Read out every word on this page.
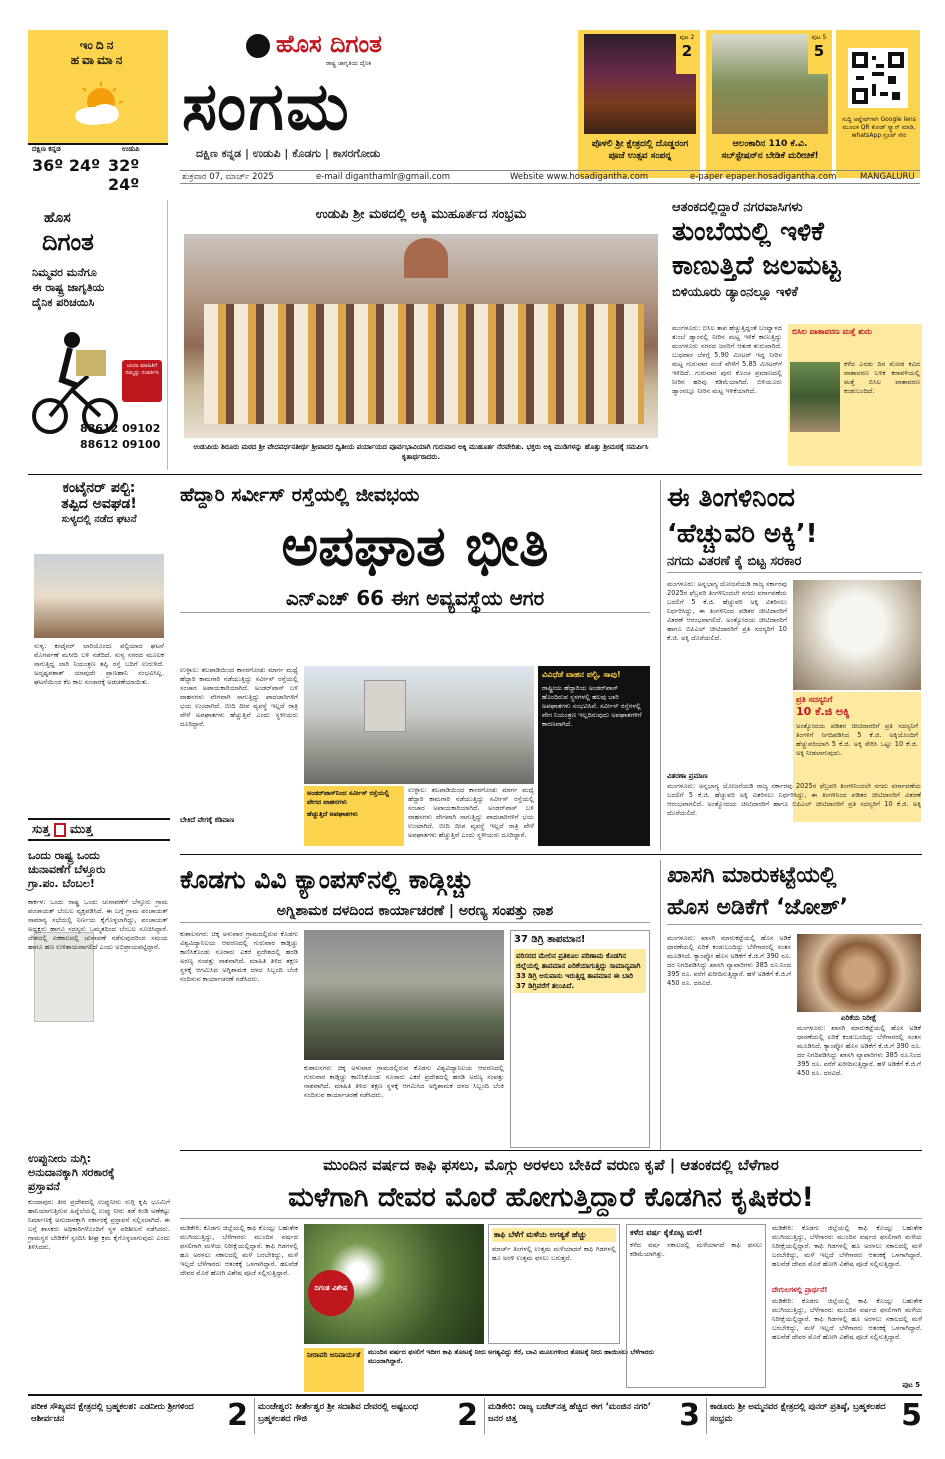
ಇಂದಿನ
ಹವಾಮಾನ
ದಕ್ಷಿಣ ಕನ್ನಡ	ಉಡುಪಿ
36º 24º 32º 24º
ಹೊಸ ದಿಗಂತ
ರಾಷ್ಟ್ರ ಜಾಗೃತಿಯ ದೈನಿಕ
ಸಂಗಮ
ದಕ್ಷಿಣ ಕನ್ನಡ | ಉಡುಪಿ | ಕೊಡಗು | ಕಾಸರಗೋಡು
ಪುಟ 2
2
ಪೊಳಲಿ ಶ್ರೀ ಕ್ಷೇತ್ರದಲ್ಲಿ ದೊಡ್ಡರಂಗ ಪೂಜೆ ಉತ್ಸವ ಸಂಪನ್ನ
ಪುಟ 5
5
ಆಲಂಕಾರಿನ 110 ಕೆ.ವಿ. ಸಬ್‌ಸ್ಟೇಷನ್‌ನ ಬೇಡಿಕೆ ಮರೀಚಿಕೆ!
ಸುದ್ದಿ ಅಪ್ಡೇಟ್‌ಗಾಗಿ Google lens ಮೂಲಕ QR ಕೋಡ್ ಸ್ಕ್ಯಾನ್ ಮಾಡಿ, whatsApp ಗ್ರೂಪ್ ಸೇರಿ
ಶುಕ್ರವಾರ 07, ಮಾರ್ಚ್ 2025	e-mail diganthamlr@gmail.com	Website www.hosadigantha.com	e-paper epaper.hosadigantha.com	MANGALURU
ಹೊಸ
ದಿಗಂತ
ನಿಮ್ಮವರ ಮನೆಗೂ
ಈ ರಾಷ್ಟ್ರ ಜಾಗೃತಿಯ
ದೈನಿಕ ಪರಿಚಯಿಸಿ
ಚಂದಾ ಮಾಹಿತಿಗೆ ನಮ್ಮನ್ನು ಸಂಪರ್ಕಿಸಿ
88612 09102
88612 09100
ಉಡುಪಿ ಶ್ರೀ ಮಠದಲ್ಲಿ ಅಕ್ಕಿ ಮುಹೂರ್ತದ ಸಂಭ್ರಮ
ಉಡುಪಿಯ ಶಿರೂರು ಮಠದ ಶ್ರೀ ವೇದವರ್ಧನತೀರ್ಥ ಶ್ರೀಪಾದರ ದ್ವಿತೀಯ ಪರ್ಯಾಯದ ಪೂರ್ವಭಾವಿಯಾಗಿ ಗುರುವಾರ ಅಕ್ಕಿ ಮುಹೂರ್ತ ನೆರವೇರಿತು. ಭಕ್ತರು ಅಕ್ಕಿ ಮುಡಿಗಳನ್ನು ಹೊತ್ತು ಶ್ರೀಮಠಕ್ಕೆ ಸಮರ್ಪಿಸಿ ಕೃತಾರ್ಥರಾದರು.
ಆತಂಕದಲ್ಲಿದ್ದಾರೆ ನಗರವಾಸಿಗಳು
ತುಂಬೆಯಲ್ಲಿ ಇಳಿಕೆ
ಕಾಣುತ್ತಿದೆ ಜಲಮಟ್ಟ
ಬಿಳಿಯೂರು ಡ್ಯಾಂನಲ್ಲೂ ಇಳಿಕೆ
ಮಂಗಳೂರು: ಬಿಸಿಲ ತಾಪ ಹೆಚ್ಚುತ್ತಿದ್ದಂತೆ ಬಂಟ್ವಾಳದ ತುಂಬೆ ಡ್ಯಾಂನಲ್ಲಿ ನೀರಿನ ಮಟ್ಟ ಇಳಿಕೆ ಕಾಣುತ್ತಿದ್ದು ಮಂಗಳೂರು ನಗರದ ಜನರಿಗೆ ಆತಂಕ ಶುರುವಾಗಿದೆ. ಬುಧವಾರ ಬೆಳಗ್ಗೆ 5.90 ಮೀಟರ್ ಇದ್ದ ನೀರಿನ ಮಟ್ಟ ಗುರುವಾರ ಸಂಜೆ ವೇಳೆಗೆ 5.85 ಮೀಟರ್‌ಗೆ ಇಳಿದಿದೆ. ಗುರುವಾರ ಪುನಃ ಕೊಂಚ ಪ್ರಮಾಣದಲ್ಲಿ ನೀರಿನ ಹರಿವು ಕಡಿಮೆಯಾಗಿದೆ. ಬಿಳಿಯೂರು ಡ್ಯಾಂನಲ್ಲೂ ನೀರಿನ ಮಟ್ಟ ಇಳಿಕೆಯಾಗಿದೆ.
ಬಿಸಿಲ ವಾತಾವರಣ ಮತ್ತೆ ಶುರು
ಕಳೆದ ಎರಡು ದಿನ ಮೋಡ ಕವಿದ ವಾತಾವರಣ ಬಳಿಕ ಕರಾವಳಿಯಲ್ಲಿ ಮತ್ತೆ ಬಿಸಿಲ ವಾತಾವರಣ ಕಂಡುಬಂದಿದೆ.
ಕಂಟೈನರ್ ಪಲ್ಟಿ:
ತಪ್ಪಿದ ಅವಘಡ!
ಸುಳ್ಯದಲ್ಲಿ ನಡೆದ ಘಟನೆ
ಸುಳ್ಯ: ಕಂಟೈನರ್ ಲಾರಿಯೊಂದು ಪಲ್ಟಿಯಾದ ಘಟನೆ ಮೊಗರ್ಪಣೆ ಮಸೀದಿ ಬಳಿ ನಡೆದಿದೆ. ಸುಳ್ಯ ನಗರದ ಮೂಲಕ ಸಾಗುತ್ತಿದ್ದ ಲಾರಿ ನಿಯಂತ್ರಣ ತಪ್ಪಿ ರಸ್ತೆ ಬದಿಗೆ ಉರುಳಿದೆ. ಅದೃಷ್ಟವಶಾತ್ ಯಾವುದೇ ಪ್ರಾಣಹಾನಿ ಸಂಭವಿಸಿಲ್ಲ. ಘಟನೆಯಿಂದ ಕೆಲ ಕಾಲ ಸಂಚಾರಕ್ಕೆ ಅಡಚಣೆಯಾಯಿತು.
ಸುತ್ತ ಮುತ್ತ
ಒಂದು ರಾಷ್ಟ್ರ ಒಂದು
ಚುನಾವಣೆಗೆ ಬೆಳ್ತೂರು
ಗ್ರಾ.ಪಂ. ಬೆಂಬಲ!
ಕಾರ್ಕಳ: ಒಂದು ರಾಷ್ಟ್ರ ಒಂದು ಚುನಾವಣೆಗೆ ಬೆಳ್ತೂರು ಗ್ರಾಮ ಪಂಚಾಯತ್ ಬೆಂಬಲ ವ್ಯಕ್ತಪಡಿಸಿದೆ. ಈ ಬಗ್ಗೆ ಗ್ರಾಮ ಪಂಚಾಯತ್ ಸಾಮಾನ್ಯ ಸಭೆಯಲ್ಲಿ ನಿರ್ಣಯ ಕೈಗೊಳ್ಳಲಾಗಿದ್ದು, ಪಂಚಾಯತ್ ಅಧ್ಯಕ್ಷರು ಹಾಗೂ ಸದಸ್ಯರು ಒಮ್ಮತದಿಂದ ಬೆಂಬಲ ಸೂಚಿಸಿದ್ದಾರೆ. ದೇಶದಲ್ಲಿ ಏಕಕಾಲದಲ್ಲಿ ಚುನಾವಣೆ ನಡೆಸುವುದರಿಂದ ಸಮಯ ಹಾಗೂ ಹಣ ಉಳಿತಾಯವಾಗಲಿದೆ ಎಂದು ಅಭಿಪ್ರಾಯಪಟ್ಟಿದ್ದಾರೆ.
ಹೆದ್ದಾರಿ ಸರ್ವೀಸ್ ರಸ್ತೆಯಲ್ಲಿ ಜೀವಭಯ
ಅಪಘಾತ ಭೀತಿ
ಎನ್‌ಎಚ್ 66 ಈಗ ಅವ್ಯವಸ್ಥೆಯ ಆಗರ
ಉಳ್ಳಾಲ: ತಲಪಾಡಿಯಿಂದ ಕಾಸರಗೋಡು ಮಾರ್ಗ ಮಧ್ಯೆ ಹೆದ್ದಾರಿ ಕಾಮಗಾರಿ ನಡೆಯುತ್ತಿದ್ದು ಸರ್ವೀಸ್ ರಸ್ತೆಯಲ್ಲಿ ಸಂಚಾರ ಅಪಾಯಕಾರಿಯಾಗಿದೆ. ಅಂಡರ್‌ಪಾಸ್ ಬಳಿ ವಾಹನಗಳು ವೇಗವಾಗಿ ಸಾಗುತ್ತಿದ್ದು ಪಾದಚಾರಿಗಳಿಗೆ ಭಯ ಉಂಟಾಗಿದೆ. ಬೀದಿ ದೀಪ ವ್ಯವಸ್ಥೆ ಇಲ್ಲದೆ ರಾತ್ರಿ ವೇಳೆ ಅಪಘಾತಗಳು ಹೆಚ್ಚುತ್ತಿವೆ ಎಂದು ಸ್ಥಳೀಯರು ದೂರಿದ್ದಾರೆ.
ಬೇಕಿದೆ ವೇಗಕ್ಕೆ ಕಡಿವಾಣ
ಅಂಡರ್‌ಪಾಸ್‌ನಿಂದ ಸರ್ವೀಸ್ ರಸ್ತೆಯಲ್ಲಿ ವೇಗದ ವಾಹನಗಳು
ಹೆಚ್ಚುತ್ತಿದೆ ಅಪಘಾತಗಳು
ಉಳ್ಳಾಲ: ತಲಪಾಡಿಯಿಂದ ಕಾಸರಗೋಡು ಮಾರ್ಗ ಮಧ್ಯೆ ಹೆದ್ದಾರಿ ಕಾಮಗಾರಿ ನಡೆಯುತ್ತಿದ್ದು ಸರ್ವೀಸ್ ರಸ್ತೆಯಲ್ಲಿ ಸಂಚಾರ ಅಪಾಯಕಾರಿಯಾಗಿದೆ. ಅಂಡರ್‌ಪಾಸ್ ಬಳಿ ವಾಹನಗಳು ವೇಗವಾಗಿ ಸಾಗುತ್ತಿದ್ದು ಪಾದಚಾರಿಗಳಿಗೆ ಭಯ ಉಂಟಾಗಿದೆ. ಬೀದಿ ದೀಪ ವ್ಯವಸ್ಥೆ ಇಲ್ಲದೆ ರಾತ್ರಿ ವೇಳೆ ಅಪಘಾತಗಳು ಹೆಚ್ಚುತ್ತಿವೆ ಎಂದು ಸ್ಥಳೀಯರು ದೂರಿದ್ದಾರೆ.
ವಿವಿಧೆಡೆ ವಾಹನ ಪಲ್ಟಿ, ಸಾವು!
ರಾಷ್ಟ್ರೀಯ ಹೆದ್ದಾರಿಯ ಅಂಡರ್‌ಪಾಸ್ ಹೊಂದಿರುವ ಸ್ಥಳಗಳಲ್ಲಿ ಹಲವು ಬಾರಿ ಅಪಘಾತಗಳು ಸಂಭವಿಸಿವೆ. ಸರ್ವೀಸ್ ರಸ್ತೆಗಳಲ್ಲಿ ವೇಗ ನಿಯಂತ್ರಣ ಇಲ್ಲದಿರುವುದು ಅಪಘಾತಗಳಿಗೆ ಕಾರಣವಾಗಿದೆ.
ಈ ತಿಂಗಳಿನಿಂದ
‘ಹೆಚ್ಚುವರಿ ಅಕ್ಕಿ’!
ನಗದು ವಿತರಣೆ ಕೈ ಬಿಟ್ಟ ಸರಕಾರ
ಮಂಗಳೂರು: ಅನ್ನಭಾಗ್ಯ ಯೋಜನೆಯಡಿ ರಾಜ್ಯ ಸರ್ಕಾರವು 2025ರ ಫೆಬ್ರವರಿ ತಿಂಗಳಿನಿಂದಲೇ ನಗದು ವರ್ಗಾವಣೆಯ ಬದಲಿಗೆ 5 ಕೆ.ಜಿ. ಹೆಚ್ಚುವರಿ ಅಕ್ಕಿ ವಿತರಿಸಲು ನಿರ್ಧರಿಸಿದ್ದು, ಈ ತಿಂಗಳಿನಿಂದ ಪಡಿತರ ಚೀಟಿದಾರರಿಗೆ ವಿತರಣೆ ಆರಂಭವಾಗಲಿದೆ. ಅಂತ್ಯೋದಯ ಚೀಟಿದಾರರಿಗೆ ಹಾಗೂ ಬಿಪಿಎಲ್ ಚೀಟಿದಾರರಿಗೆ ಪ್ರತಿ ಸದಸ್ಯರಿಗೆ 10 ಕೆ.ಜಿ. ಅಕ್ಕಿ ದೊರೆಯಲಿದೆ.
ವಿತರಣಾ ಪ್ರಮಾಣ
ಪ್ರತಿ ಸದಸ್ಯನಿಗೆ
10 ಕೆ.ಜಿ ಅಕ್ಕಿ
ಅಂತ್ಯೋದಯ ಪಡಿತರ ಚೀಟಿದಾರರಿಗೆ ಪ್ರತಿ ಸದಸ್ಯನಿಗೆ ತಿಂಗಳಿಗೆ ನಿಗದಿಪಡಿಸಿದ 5 ಕೆ.ಜಿ. ಅಕ್ಕಿಯೊಂದಿಗೆ ಹೆಚ್ಚುವರಿಯಾಗಿ 5 ಕೆ.ಜಿ. ಅಕ್ಕಿ ಸೇರಿಸಿ ಒಟ್ಟು 10 ಕೆ.ಜಿ. ಅಕ್ಕಿ ನೀಡಲಾಗುವುದು.
ಮಂಗಳೂರು: ಅನ್ನಭಾಗ್ಯ ಯೋಜನೆಯಡಿ ರಾಜ್ಯ ಸರ್ಕಾರವು 2025ರ ಫೆಬ್ರವರಿ ತಿಂಗಳಿನಿಂದಲೇ ನಗದು ವರ್ಗಾವಣೆಯ ಬದಲಿಗೆ 5 ಕೆ.ಜಿ. ಹೆಚ್ಚುವರಿ ಅಕ್ಕಿ ವಿತರಿಸಲು ನಿರ್ಧರಿಸಿದ್ದು, ಈ ತಿಂಗಳಿನಿಂದ ಪಡಿತರ ಚೀಟಿದಾರರಿಗೆ ವಿತರಣೆ ಆರಂಭವಾಗಲಿದೆ. ಅಂತ್ಯೋದಯ ಚೀಟಿದಾರರಿಗೆ ಹಾಗೂ ಬಿಪಿಎಲ್ ಚೀಟಿದಾರರಿಗೆ ಪ್ರತಿ ಸದಸ್ಯರಿಗೆ 10 ಕೆ.ಜಿ. ಅಕ್ಕಿ ದೊರೆಯಲಿದೆ.
ಕೊಡಗು ವಿವಿ ಕ್ಯಾಂಪಸ್‌ನಲ್ಲಿ ಕಾಡ್ಗಿಚ್ಚು
ಅಗ್ನಿಶಾಮಕ ದಳದಿಂದ ಕಾರ್ಯಾಚರಣೆ | ಅರಣ್ಯ ಸಂಪತ್ತು ನಾಶ
ಕುಶಾಲನಗರ: ಚಿಕ್ಕ ಅಳುವಾರ ಗ್ರಾಮದಲ್ಲಿರುವ ಕೊಡಗು ವಿಶ್ವವಿದ್ಯಾನಿಲಯ ಆವರಣದಲ್ಲಿ ಗುರುವಾರ ಕಾಡ್ಗಿಚ್ಚು ಕಾಣಿಸಿಕೊಂಡು ನೂರಾರು ಎಕರೆ ಪ್ರದೇಶದಲ್ಲಿ ಹರಡಿ ಅರಣ್ಯ ಸಂಪತ್ತು ನಾಶವಾಗಿದೆ. ಮಾಹಿತಿ ತಿಳಿದ ತಕ್ಷಣ ಸ್ಥಳಕ್ಕೆ ಆಗಮಿಸಿದ ಅಗ್ನಿಶಾಮಕ ದಳದ ಸಿಬ್ಬಂದಿ ಬೆಂಕಿ ನಂದಿಸುವ ಕಾರ್ಯಾಚರಣೆ ನಡೆಸಿದರು.
ಕುಶಾಲನಗರ: ಚಿಕ್ಕ ಅಳುವಾರ ಗ್ರಾಮದಲ್ಲಿರುವ ಕೊಡಗು ವಿಶ್ವವಿದ್ಯಾನಿಲಯ ಆವರಣದಲ್ಲಿ ಗುರುವಾರ ಕಾಡ್ಗಿಚ್ಚು ಕಾಣಿಸಿಕೊಂಡು ನೂರಾರು ಎಕರೆ ಪ್ರದೇಶದಲ್ಲಿ ಹರಡಿ ಅರಣ್ಯ ಸಂಪತ್ತು ನಾಶವಾಗಿದೆ. ಮಾಹಿತಿ ತಿಳಿದ ತಕ್ಷಣ ಸ್ಥಳಕ್ಕೆ ಆಗಮಿಸಿದ ಅಗ್ನಿಶಾಮಕ ದಳದ ಸಿಬ್ಬಂದಿ ಬೆಂಕಿ ನಂದಿಸುವ ಕಾರ್ಯಾಚರಣೆ ನಡೆಸಿದರು.
37 ಡಿಗ್ರಿ ತಾಪಮಾನ!
ಪರಿಸರದ ಮೇಲಿನ ಪ್ರತಿಕೂಲ ಪರಿಣಾಮ ಕೊಡಗಿನ ಜಿಲ್ಲೆಯಲ್ಲಿ ತಾಪಮಾನ ಏರಿಕೆಯಾಗುತ್ತಿದ್ದು ಸಾಮಾನ್ಯವಾಗಿ 33 ಡಿಗ್ರಿ ಆಸುಪಾಸು ಇರುತ್ತಿದ್ದ ತಾಪಮಾನ ಈ ಬಾರಿ 37 ಡಿಗ್ರಿವರೆಗೆ ತಲುಪಿದೆ.
ಖಾಸಗಿ ಮಾರುಕಟ್ಟೆಯಲ್ಲಿ
ಹೊಸ ಅಡಿಕೆಗೆ ‘ಜೋಶ್’
ಮಂಗಳೂರು: ಖಾಸಗಿ ಮಾರುಕಟ್ಟೆಯಲ್ಲಿ ಹೊಸ ಅಡಿಕೆ ಧಾರಣೆಯಲ್ಲಿ ಏರಿಕೆ ಕಂಡುಬಂದಿದ್ದು ಬೆಳೆಗಾರರಲ್ಲಿ ಸಂತಸ ಮೂಡಿಸಿದೆ. ಕ್ಯಾಂಪ್ಕೋ ಹೊಸ ಅಡಿಕೆಗೆ ಕೆ.ಜಿ.ಗೆ 390 ರೂ. ದರ ನಿಗದಿಪಡಿಸಿದ್ದು ಖಾಸಗಿ ವ್ಯಾಪಾರಿಗಳು 385 ರೂ.ನಿಂದ 395 ರೂ. ವರೆಗೆ ಖರೀದಿಸುತ್ತಿದ್ದಾರೆ. ಹಳೆ ಅಡಿಕೆಗೆ ಕೆ.ಜಿ.ಗೆ 450 ರೂ. ದರವಿದೆ.
ಏರಿಕೆಯ ನಿರೀಕ್ಷೆ
ಮಂಗಳೂರು: ಖಾಸಗಿ ಮಾರುಕಟ್ಟೆಯಲ್ಲಿ ಹೊಸ ಅಡಿಕೆ ಧಾರಣೆಯಲ್ಲಿ ಏರಿಕೆ ಕಂಡುಬಂದಿದ್ದು ಬೆಳೆಗಾರರಲ್ಲಿ ಸಂತಸ ಮೂಡಿಸಿದೆ. ಕ್ಯಾಂಪ್ಕೋ ಹೊಸ ಅಡಿಕೆಗೆ ಕೆ.ಜಿ.ಗೆ 390 ರೂ. ದರ ನಿಗದಿಪಡಿಸಿದ್ದು ಖಾಸಗಿ ವ್ಯಾಪಾರಿಗಳು 385 ರೂ.ನಿಂದ 395 ರೂ. ವರೆಗೆ ಖರೀದಿಸುತ್ತಿದ್ದಾರೆ. ಹಳೆ ಅಡಿಕೆಗೆ ಕೆ.ಜಿ.ಗೆ 450 ರೂ. ದರವಿದೆ.
ಉಪ್ಪುನೀರು ನುಗ್ಗಿ:
ಅನುದಾನಕ್ಕಾಗಿ ಸರಕಾರಕ್ಕೆ
ಪ್ರಸ್ತಾವನೆ
ಕುಂದಾಪುರ: ತೀರ ಪ್ರದೇಶದಲ್ಲಿ ಉಪ್ಪುನೀರು ನುಗ್ಗಿ ಕೃಷಿ ಭೂಮಿಗೆ ಹಾನಿಯಾಗುತ್ತಿರುವ ಹಿನ್ನೆಲೆಯಲ್ಲಿ ಉಪ್ಪು ನೀರು ತಡೆ ಕಿಂಡಿ ಅಣೆಕಟ್ಟು ನಿರ್ಮಾಣಕ್ಕೆ ಅನುದಾನಕ್ಕಾಗಿ ಸರ್ಕಾರಕ್ಕೆ ಪ್ರಸ್ತಾವನೆ ಸಲ್ಲಿಸಲಾಗಿದೆ. ಈ ಬಗ್ಗೆ ಶಾಸಕರು ಅಧಿಕಾರಿಗಳೊಂದಿಗೆ ಸ್ಥಳ ಪರಿಶೀಲನೆ ನಡೆಸಿದರು. ಗ್ರಾಮಸ್ಥರ ಬೇಡಿಕೆಗೆ ಸ್ಪಂದಿಸಿ ಶೀಘ್ರ ಕ್ರಮ ಕೈಗೊಳ್ಳಲಾಗುವುದು ಎಂದು ತಿಳಿಸಿದರು.
ಮುಂದಿನ ವರ್ಷದ ಕಾಫಿ ಫಸಲು, ಮೊಗ್ಗು ಅರಳಲು ಬೇಕಿದೆ ವರುಣ ಕೃಪೆ | ಆತಂಕದಲ್ಲಿ ಬೆಳೆಗಾರ
ಮಳೆಗಾಗಿ ದೇವರ ಮೊರೆ ಹೋಗುತ್ತಿದ್ದಾರೆ ಕೊಡಗಿನ ಕೃಷಿಕರು!
ಮಡಿಕೇರಿ: ಕೊಡಗು ಜಿಲ್ಲೆಯಲ್ಲಿ ಕಾಫಿ ಕೊಯ್ಲು ಬಹುತೇಕ ಮುಗಿಯುತ್ತಿದ್ದು, ಬೆಳೆಗಾರರು ಮುಂದಿನ ವರ್ಷದ ಫಸಲಿಗಾಗಿ ಮಳೆಯ ನಿರೀಕ್ಷೆಯಲ್ಲಿದ್ದಾರೆ. ಕಾಫಿ ಗಿಡಗಳಲ್ಲಿ ಹೂ ಅರಳಲು ಸಕಾಲದಲ್ಲಿ ಮಳೆ ಬರಬೇಕಿದ್ದು, ಮಳೆ ಇಲ್ಲದೆ ಬೆಳೆಗಾರರು ಆತಂಕಕ್ಕೆ ಒಳಗಾಗಿದ್ದಾರೆ. ಹಲವೆಡೆ ದೇವರ ಮೊರೆ ಹೋಗಿ ವಿಶೇಷ ಪೂಜೆ ಸಲ್ಲಿಸುತ್ತಿದ್ದಾರೆ.
ದಿಗಂತ ವಿಶೇಷ
ನೀರಾವರಿ ಅನಿವಾರ್ಯತೆ	ಮುಂದಿನ ವರ್ಷದ ಫಸಲಿಗೆ ಇದೀಗ ಕಾಫಿ ತೋಟಕ್ಕೆ ನೀರು ಅಗತ್ಯವಿದ್ದು ಕೆರೆ, ಬಾವಿ ಮೂಲಗಳಿಂದ ತೋಟಕ್ಕೆ ನೀರು ಹಾಯಿಸಲು ಬೆಳೆಗಾರರು ಮುಂದಾಗಿದ್ದಾರೆ.
ಕಾಫಿ ಬೆಳೆಗೆ ಮಳೆಯ ಅಗತ್ಯತೆ ಹೆಚ್ಚು
ಮಾರ್ಚ್ ತಿಂಗಳಲ್ಲಿ ಉತ್ತಮ ಮಳೆಯಾದರೆ ಕಾಫಿ ಗಿಡಗಳಲ್ಲಿ ಹೂ ಅರಳಿ ಉತ್ತಮ ಫಸಲು ಬರುತ್ತದೆ.
ಕಳೆದ ವರ್ಷ ಕೈಕೊಟ್ಟ ಮಳೆ!
ಕಳೆದ ವರ್ಷ ಸಕಾಲದಲ್ಲಿ ಮಳೆಯಾಗದೆ ಕಾಫಿ ಫಸಲು ಕಡಿಮೆಯಾಗಿತ್ತು.
ಮಡಿಕೇರಿ: ಕೊಡಗು ಜಿಲ್ಲೆಯಲ್ಲಿ ಕಾಫಿ ಕೊಯ್ಲು ಬಹುತೇಕ ಮುಗಿಯುತ್ತಿದ್ದು, ಬೆಳೆಗಾರರು ಮುಂದಿನ ವರ್ಷದ ಫಸಲಿಗಾಗಿ ಮಳೆಯ ನಿರೀಕ್ಷೆಯಲ್ಲಿದ್ದಾರೆ. ಕಾಫಿ ಗಿಡಗಳಲ್ಲಿ ಹೂ ಅರಳಲು ಸಕಾಲದಲ್ಲಿ ಮಳೆ ಬರಬೇಕಿದ್ದು, ಮಳೆ ಇಲ್ಲದೆ ಬೆಳೆಗಾರರು ಆತಂಕಕ್ಕೆ ಒಳಗಾಗಿದ್ದಾರೆ. ಹಲವೆಡೆ ದೇವರ ಮೊರೆ ಹೋಗಿ ವಿಶೇಷ ಪೂಜೆ ಸಲ್ಲಿಸುತ್ತಿದ್ದಾರೆ.
ದೇಗುಲಗಳಲ್ಲಿ ಪ್ರಾರ್ಥನೆ!
ಮಡಿಕೇರಿ: ಕೊಡಗು ಜಿಲ್ಲೆಯಲ್ಲಿ ಕಾಫಿ ಕೊಯ್ಲು ಬಹುತೇಕ ಮುಗಿಯುತ್ತಿದ್ದು, ಬೆಳೆಗಾರರು ಮುಂದಿನ ವರ್ಷದ ಫಸಲಿಗಾಗಿ ಮಳೆಯ ನಿರೀಕ್ಷೆಯಲ್ಲಿದ್ದಾರೆ. ಕಾಫಿ ಗಿಡಗಳಲ್ಲಿ ಹೂ ಅರಳಲು ಸಕಾಲದಲ್ಲಿ ಮಳೆ ಬರಬೇಕಿದ್ದು, ಮಳೆ ಇಲ್ಲದೆ ಬೆಳೆಗಾರರು ಆತಂಕಕ್ಕೆ ಒಳಗಾಗಿದ್ದಾರೆ. ಹಲವೆಡೆ ದೇವರ ಮೊರೆ ಹೋಗಿ ವಿಶೇಷ ಪೂಜೆ ಸಲ್ಲಿಸುತ್ತಿದ್ದಾರೆ.
ಪುಟ 5
ಪರೀಕ ಸೌಖ್ಯವನ ಕ್ಷೇತ್ರದಲ್ಲಿ ಬ್ರಹ್ಮಕಲಶ: ಎಡನೀರು ಶ್ರೀಗಳಿಂದ ಆಶೀರ್ವಚನ	2	ಮಂಜೇಶ್ವರ: ಕೀರ್ತೇಶ್ವರ ಶ್ರೀ ಸದಾಶಿವ ದೇವರಲ್ಲಿ ಅಷ್ಟಬಂಧ ಬ್ರಹ್ಮಕಲಶದ ಗೌಜಿ	2	ಮಡಿಕೇರಿ: ರಾಜ್ಯ ಬಜೆಟ್‌ನತ್ತ ಹೆಚ್ಚಿದ ಈಗ ‘ಮಂಜಿನ ನಗರಿ’ ಜನರ ಚಿತ್ತ	3	ಕಾಡೂರು ಶ್ರೀ ಅಮ್ಮನವರ ಕ್ಷೇತ್ರದಲ್ಲಿ ಪುನರ್ ಪ್ರತಿಷ್ಠೆ, ಬ್ರಹ್ಮಕಲಶದ ಸಂಭ್ರಮ	5
